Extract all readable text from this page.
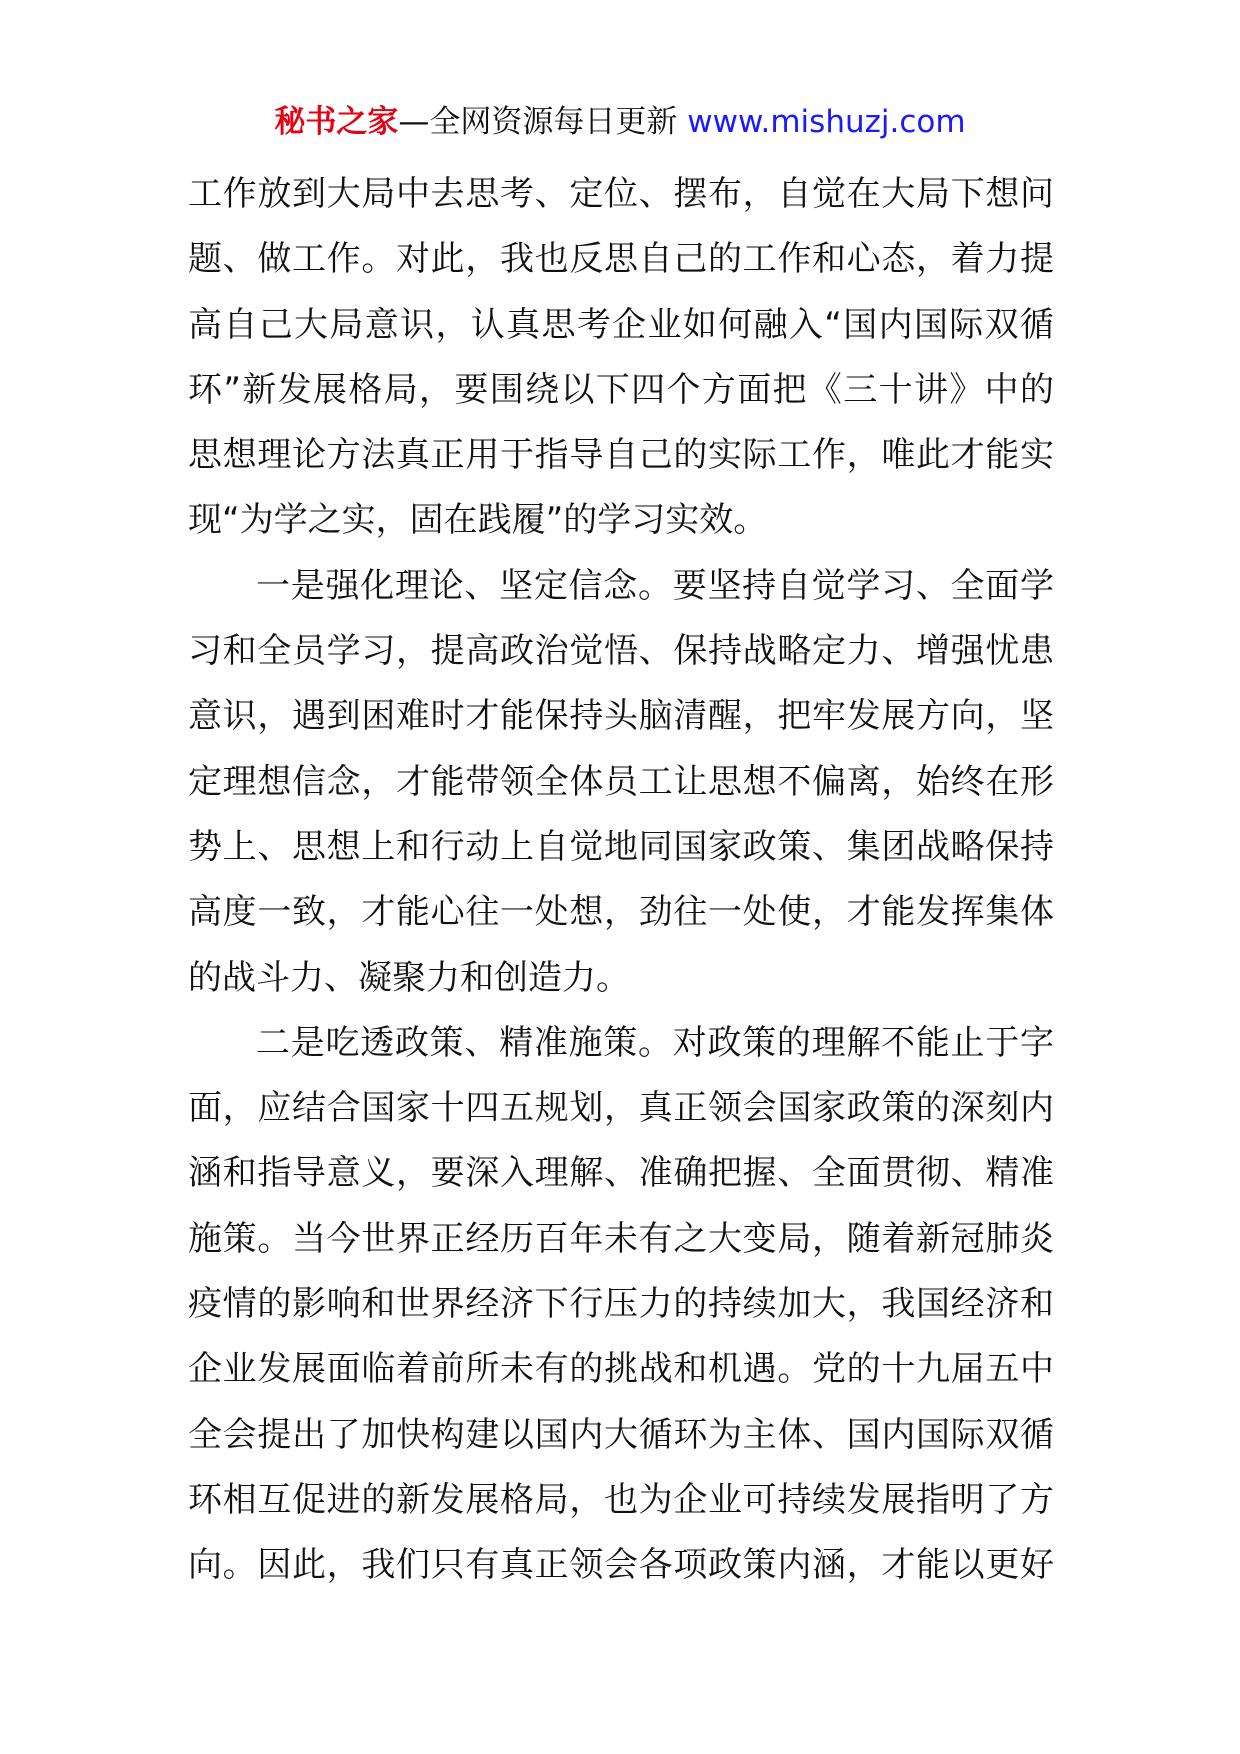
秘书之家—全网资源每日更新 www.mishuzj.com
工作放到大局中去思考、定位、摆布，自觉在大局下想问
题、做工作。对此，我也反思自己的工作和心态，着力提
高自己大局意识，认真思考企业如何融入“国内国际双循
环”新发展格局，要围绕以下四个方面把《三十讲》中的
思想理论方法真正用于指导自己的实际工作，唯此才能实
现“为学之实，固在践履”的学习实效。
一是强化理论、坚定信念。要坚持自觉学习、全面学
习和全员学习，提高政治觉悟、保持战略定力、增强忧患
意识，遇到困难时才能保持头脑清醒，把牢发展方向，坚
定理想信念，才能带领全体员工让思想不偏离，始终在形
势上、思想上和行动上自觉地同国家政策、集团战略保持
高度一致，才能心往一处想，劲往一处使，才能发挥集体
的战斗力、凝聚力和创造力。
二是吃透政策、精准施策。对政策的理解不能止于字
面，应结合国家十四五规划，真正领会国家政策的深刻内
涵和指导意义，要深入理解、准确把握、全面贯彻、精准
施策。当今世界正经历百年未有之大变局，随着新冠肺炎
疫情的影响和世界经济下行压力的持续加大，我国经济和
企业发展面临着前所未有的挑战和机遇。党的十九届五中
全会提出了加快构建以国内大循环为主体、国内国际双循
环相互促进的新发展格局，也为企业可持续发展指明了方
向。因此，我们只有真正领会各项政策内涵，才能以更好
